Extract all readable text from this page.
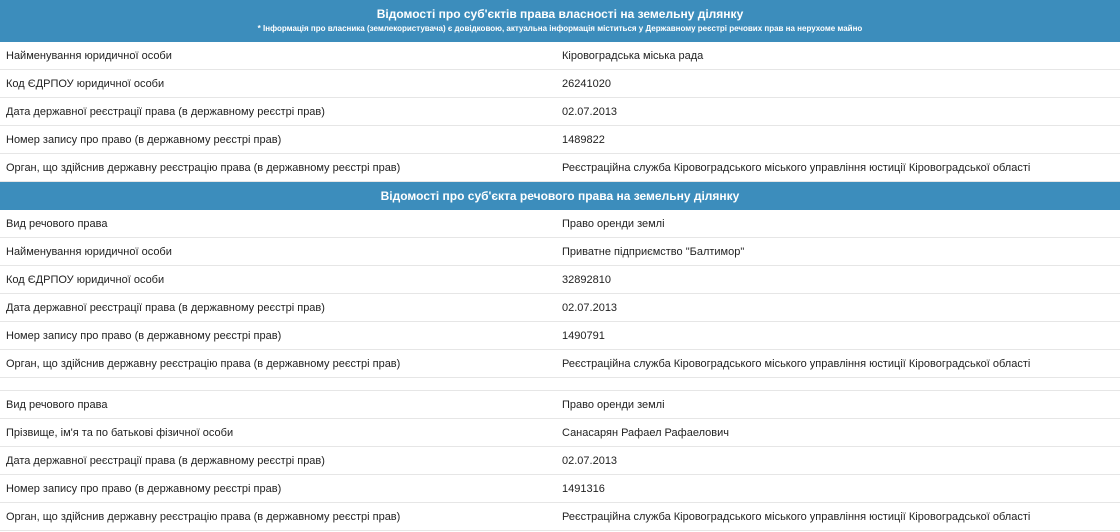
Відомості про суб'єктів права власності на земельну ділянку
* Інформація про власника (землекористувача) є довідковою, актуальна інформація міститься у Державному реєстрі речових прав на нерухоме майно
Найменування юридичної особи	Кіровоградська міська рада
Код ЄДРПОУ юридичної особи	26241020
Дата державної реєстрації права (в державному реєстрі прав)	02.07.2013
Номер запису про право (в державному реєстрі прав)	1489822
Орган, що здійснив державну реєстрацію права (в державному реєстрі прав)	Реєстраційна служба Кіровоградського міського управління юстиції Кіровоградської області
Відомості про суб'єкта речового права на земельну ділянку
Вид речового права	Право оренди землі
Найменування юридичної особи	Приватне підприємство "Балтимор"
Код ЄДРПОУ юридичної особи	32892810
Дата державної реєстрації права (в державному реєстрі прав)	02.07.2013
Номер запису про право (в державному реєстрі прав)	1490791
Орган, що здійснив державну реєстрацію права (в державному реєстрі прав)	Реєстраційна служба Кіровоградського міського управління юстиції Кіровоградської області
Вид речового права	Право оренди землі
Прізвище, ім'я та по батькові фізичної особи	Санасарян Рафаел Рафаелович
Дата державної реєстрації права (в державному реєстрі прав)	02.07.2013
Номер запису про право (в державному реєстрі прав)	1491316
Орган, що здійснив державну реєстрацію права (в державному реєстрі прав)	Реєстраційна служба Кіровоградського міського управління юстиції Кіровоградської області
